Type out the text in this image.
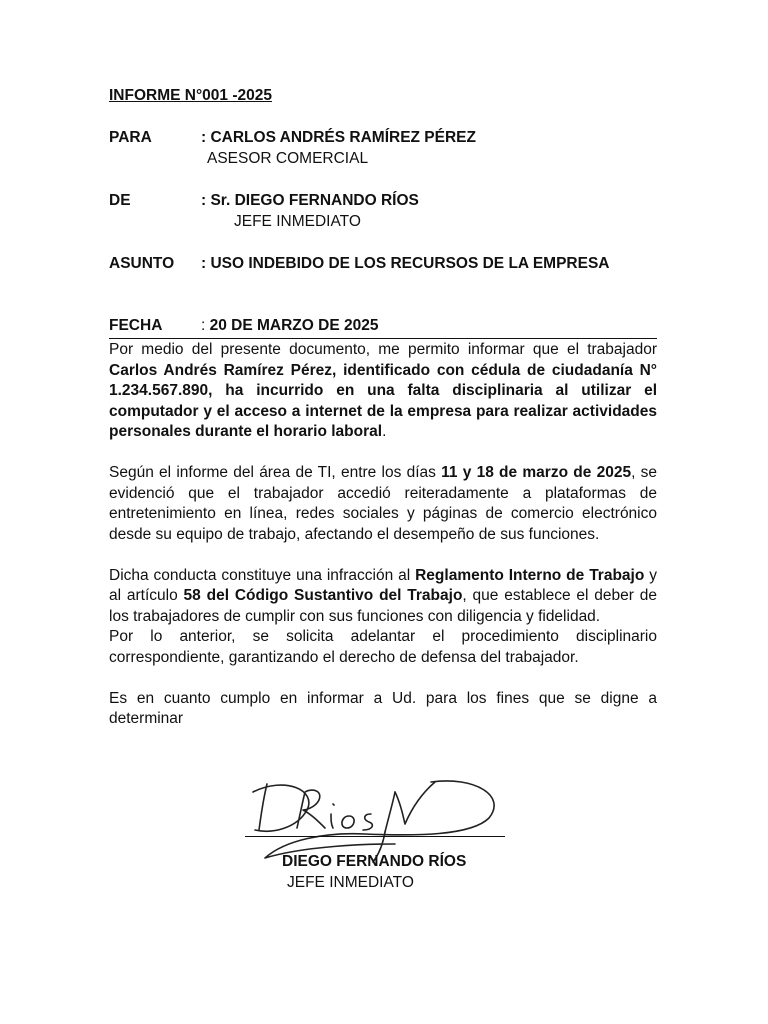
INFORME N°001 -2025
PARA	: CARLOS ANDRÉS RAMÍREZ PÉREZ
ASESOR COMERCIAL
DE	: Sr. DIEGO FERNANDO RÍOS
JEFE INMEDIATO
ASUNTO : USO INDEBIDO DE LOS RECURSOS DE LA EMPRESA
FECHA : 20 DE MARZO DE 2025

Por medio del presente documento, me permito informar que el trabajador Carlos Andrés Ramírez Pérez, identificado con cédula de ciudadanía N° 1.234.567.890, ha incurrido en una falta disciplinaria al utilizar el computador y el acceso a internet de la empresa para realizar actividades personales durante el horario laboral.

Según el informe del área de TI, entre los días 11 y 18 de marzo de 2025, se evidenció que el trabajador accedió reiteradamente a plataformas de entretenimiento en línea, redes sociales y páginas de comercio electrónico desde su equipo de trabajo, afectando el desempeño de sus funciones.

Dicha conducta constituye una infracción al Reglamento Interno de Trabajo y al artículo 58 del Código Sustantivo del Trabajo, que establece el deber de los trabajadores de cumplir con sus funciones con diligencia y fidelidad.

Por lo anterior, se solicita adelantar el procedimiento disciplinario correspondiente, garantizando el derecho de defensa del trabajador.

Es en cuanto cumplo en informar a Ud. para los fines que se digne a determinar

DIEGO FERNANDO RÍOS
JEFE INMEDIATO
